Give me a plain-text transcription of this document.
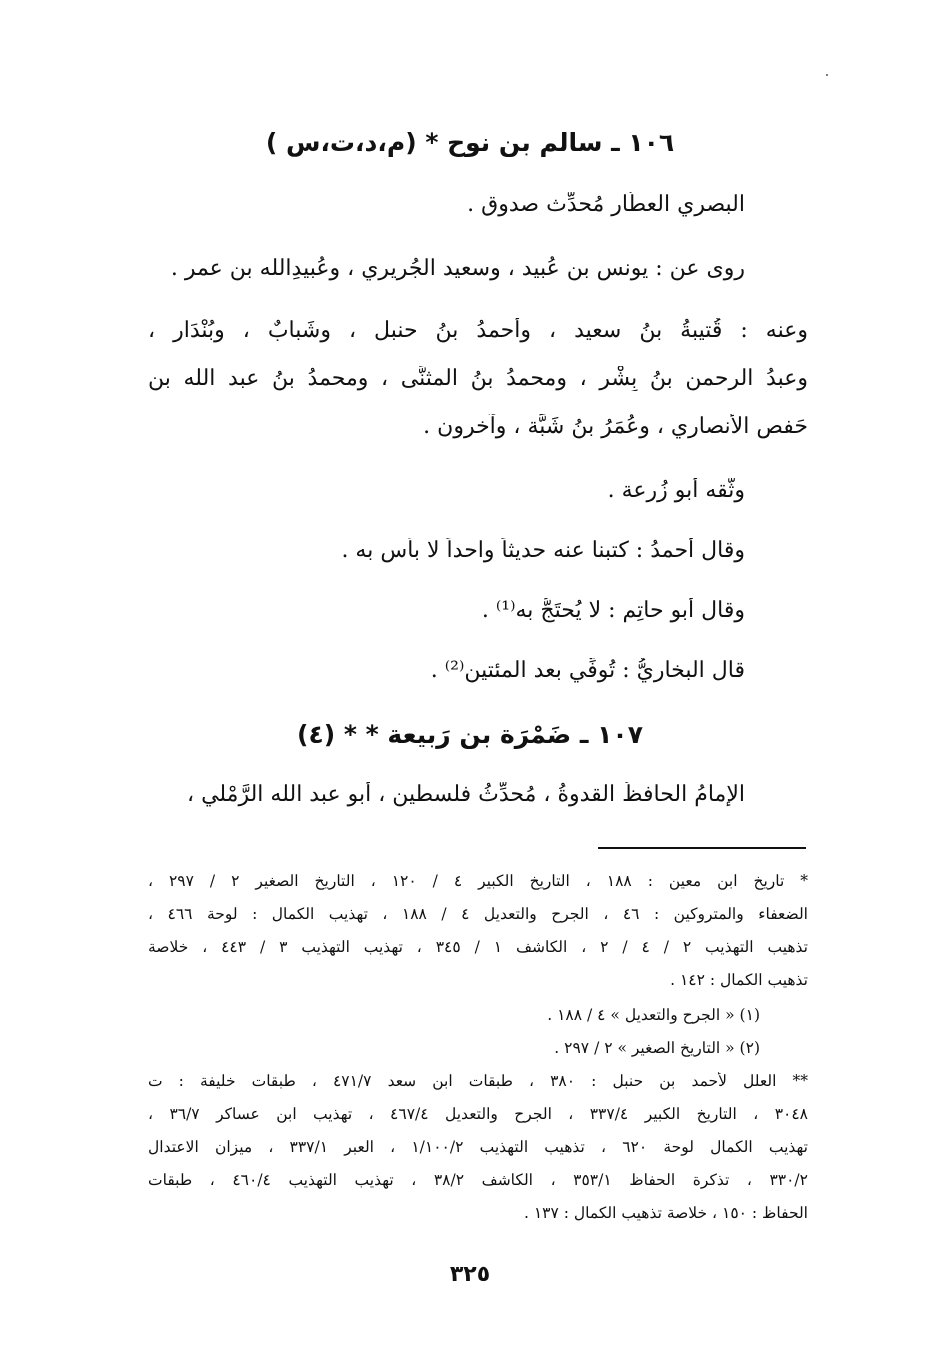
١٠٦ ـ سالم بن نوح * (م،د،ت،س )
البصري العطَّار مُحدِّث صدوق .
روى عن : يونس بن عُبيد ، وسعيد الجُريري ، وعُبيدِالله بنِ عمر .
وعنه : قُتيبةُ بنُ سعيد ، وأحمدُ بنُ حنبل ، وشَبابٌ ، وبُنْدَار ،
وعبدُ الرحمن بنُ بِشْر ، ومحمدُ بنُ المثنَّى ، ومحمدُ بنُ عبد الله بن
حَفص الأنصاري ، وعُمَرُ بنُ شَبَّة ، وآخرون .
وثَّقه أبو زُرعة .
وقال أحمدُ : كتبنا عنه حديثاً واحداً لا بأس به .
وقال أبو حاتِم : لا يُحتَجُّ به⁽¹⁾ .
قال البخاريُّ : تُوفِّي بعد المئتين⁽²⁾ .
١٠٧ ـ ضَمْرَة بن رَبيعة * * (٤)
الإمامُ الحافظُ القدوةُ ، مُحدِّثُ فلسطين ، أبو عبد الله الرَّمْلي ،
* تاريخ ابن معين : ١٨٨ ، التاريخ الكبير ٤ / ١٢٠ ، التاريخ الصغير ٢ / ٢٩٧ ،
الضعفاء والمتروكين : ٤٦ ، الجرح والتعديل ٤ / ١٨٨ ، تهذيب الكمال : لوحة ٤٦٦ ،
تذهيب التهذيب ٢ / ٤ / ٢ ، الكاشف ١ / ٣٤٥ ، تهذيب التهذيب ٣ / ٤٤٣ ، خلاصة
تذهيب الكمال : ١٤٢ .
(١) « الجرح والتعديل » ٤ / ١٨٨ .
(٢) « التاريخ الصغير » ٢ / ٢٩٧ .
** العلل لأحمد بن حنبل : ٣٨٠ ، طبقات ابن سعد ٤٧١/٧ ، طبقات خليفة : ت
٣٠٤٨ ، التاريخ الكبير ٣٣٧/٤ ، الجرح والتعديل ٤٦٧/٤ ، تهذيب ابن عساكر ٣٦/٧ ،
تهذيب الكمال لوحة ٦٢٠ ، تذهيب التهذيب ١/١٠٠/٢ ، العبر ٣٣٧/١ ، ميزان الاعتدال
٣٣٠/٢ ، تذكرة الحفاظ ٣٥٣/١ ، الكاشف ٣٨/٢ ، تهذيب التهذيب ٤٦٠/٤ ، طبقات
الحفاظ : ١٥٠ ، خلاصة تذهيب الكمال : ١٣٧ .
٣٢٥
